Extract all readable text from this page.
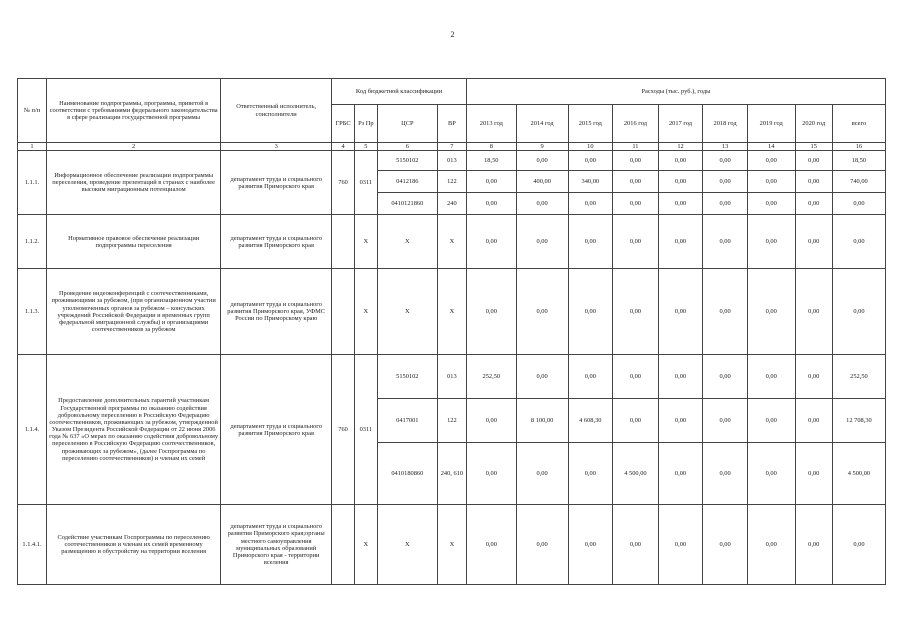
2
№ п/п	Наименование подпрограммы, программы, приветой в соответствии с требованиями федерального законодательства в сфере реализации государственной программы	Ответственный исполнитель, соисполнители	Код бюджетной классификации				Расходы (тыс. руб.), годы								
			ГРБС	Рз Пр	ЦСР	ВР	2013 год	2014 год	2015 год	2016 год	2017 год	2018 год	2019 год	2020 год	всего
1	2	3	4	5	6	7	8	9	10	11	12	13	14	15	16
1.1.1.	Информационное обеспечение реализации подпрограммы переселения, проведение презентаций в странах с наиболее высоким миграционным потенциалом	департамент труда и социального развития Приморского края	760	0311	5150102	013	18,50	0,00	0,00	0,00	0,00	0,00	0,00	0,00	18,50
					0412186	122	0,00	400,00	340,00	0,00	0,00	0,00	0,00	0,00	740,00
					0410121860	240	0,00	0,00	0,00	0,00	0,00	0,00	0,00	0,00	0,00
1.1.2.	Нормативное правовое обеспечение реализации подпрограммы переселения	департамент труда и социального развития Приморского края		Х	Х	Х	0,00	0,00	0,00	0,00	0,00	0,00	0,00	0,00	0,00
1.1.3.	Проведение видеоконференций с соотечественниками, проживающими за рубежом, (при организационном участии уполномоченных органов за рубежом – консульских учреждений Российской Федерации и временных групп федеральной миграционной службы) и организациями соотечественников за рубежом	департамент труда и социального развития Приморского края, УФМС России по Приморскому краю		Х	Х	Х	0,00	0,00	0,00	0,00	0,00	0,00	0,00	0,00	0,00
1.1.4.	Предоставление дополнительных гарантий участникам Государственной программы по оказанию содействия добровольному переселению в Российскую Федерацию соотечественников, проживающих за рубежом, утвержденной Указом Президента Российской Федерации от 22 июня 2006 года № 637 «О мерах по оказанию содействия добровольному переселению в Российскую Федерацию соотечественников, проживающих за рубежом», (далее Госпрограмма по переселению соотечественников) и членам их семей	департамент труда и социального развития Приморского края	760	0311	5150102	013	252,50	0,00	0,00	0,00	0,00	0,00	0,00	0,00	252,50
					0417001	122	0,00	8 100,00	4 608,30	0,00	0,00	0,00	0,00	0,00	12 708,30
					0410180860	240, 610	0,00	0,00	0,00	4 500,00	0,00	0,00	0,00	0,00	4 500,00
1.1.4.1.	Содействие участникам Госпрограммы по переселению соотечественников и членам их семей временному размещению и обустройству на территории вселения	департамент труда и социального развития Приморского края;органы местного самоуправления муниципальных образований Приморского края - территории вселения		Х	Х	Х	0,00	0,00	0,00	0,00	0,00	0,00	0,00	0,00	0,00
